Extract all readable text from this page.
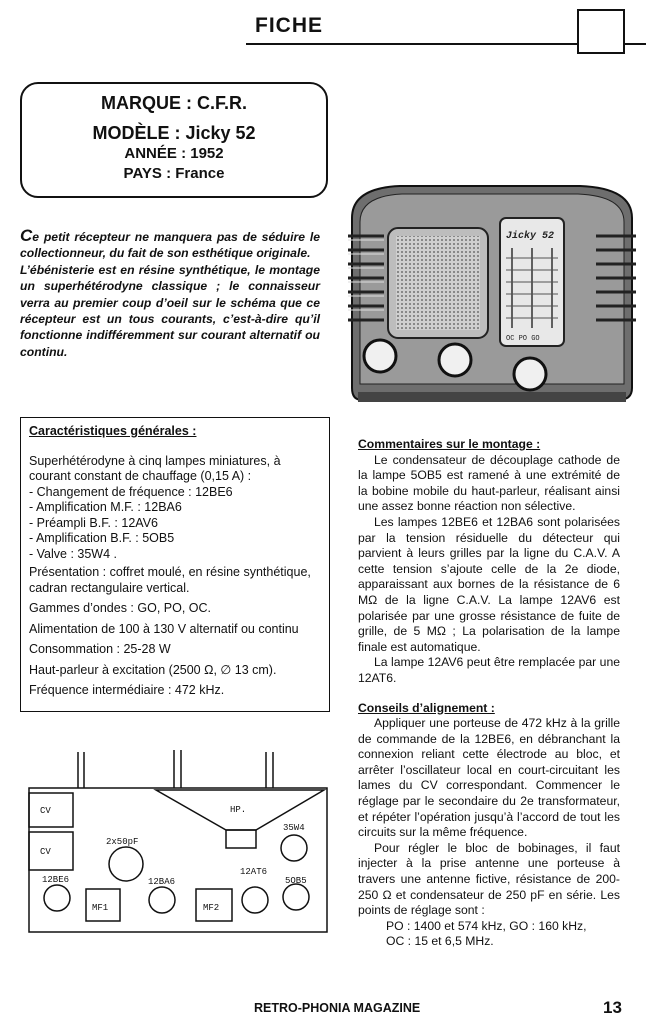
FICHE
MARQUE : C.F.R.
MODÈLE : Jicky 52
ANNÉE : 1952
PAYS : France
Jicky 52
OC PO GO

Ce petit récepteur ne manquera pas de séduire le collectionneur, du fait de son esthétique originale.

L’ébénisterie est en résine synthétique, le montage un superhétérodyne classique ; le connaisseur verra au premier coup d’oeil sur le schéma que ce récepteur est un tous courants, c’est-à-dire qu’il fonctionne indifféremment sur courant alternatif ou continu.

Caractéristiques générales :

Superhétérodyne à cinq lampes miniatures, à courant constant de chauffage (0,15 A) :

- Changement de fréquence : 12BE6

- Amplification M.F. : 12BA6

- Préampli B.F. : 12AV6

- Amplification B.F. : 5OB5

- Valve : 35W4 .

Présentation : coffret moulé, en résine synthétique, cadran rectangulaire vertical.

Gammes d’ondes : GO, PO, OC.

Alimentation de 100 à 130 V alternatif ou continu

Consommation : 25-28 W

Haut-parleur à excitation (2500 Ω, ∅ 13 cm).

Fréquence intermédiaire : 472 kHz.

CV
CV
HP.
2x50pF
12BE6	12BA6
12AT6
35W4
5OB5
MF1	MF2
Commentaires sur le montage :

Le condensateur de découplage cathode de la lampe 5OB5 est ramené à une extrémité de la bobine mobile du haut-parleur, réalisant ainsi une assez bonne réaction non sélective.

Les lampes 12BE6 et 12BA6 sont polarisées par la tension résiduelle du détecteur qui parvient à leurs grilles par la ligne du C.A.V. A cette tension s’ajoute celle de la 2e diode, apparaissant aux bornes de la résistance de 6 MΩ de la ligne C.A.V. La lampe 12AV6 est polarisée par une grosse résistance de fuite de grille, de 5 MΩ ; La polarisation de la lampe finale est automatique.

La lampe 12AV6 peut être remplacée par une 12AT6.

Conseils d’alignement :

Appliquer une porteuse de 472 kHz à la grille de commande de la 12BE6, en débranchant la connexion reliant cette électrode au bloc, et arrêter l’oscillateur local en court-circuitant les lames du CV correspondant. Commencer le réglage par le secondaire du 2e transformateur, et répéter l’opération jusqu’à l’accord de tout les circuits sur la même fréquence.

Pour régler le bloc de bobinages, il faut injecter à la prise antenne une porteuse à travers une antenne fictive, résistance de 200-250 Ω et condensateur de 250 pF en série. Les points de réglage sont :

PO : 1400 et 574 kHz, GO : 160 kHz,

OC : 15 et 6,5 MHz.

RETRO-PHONIA MAGAZINE	13
